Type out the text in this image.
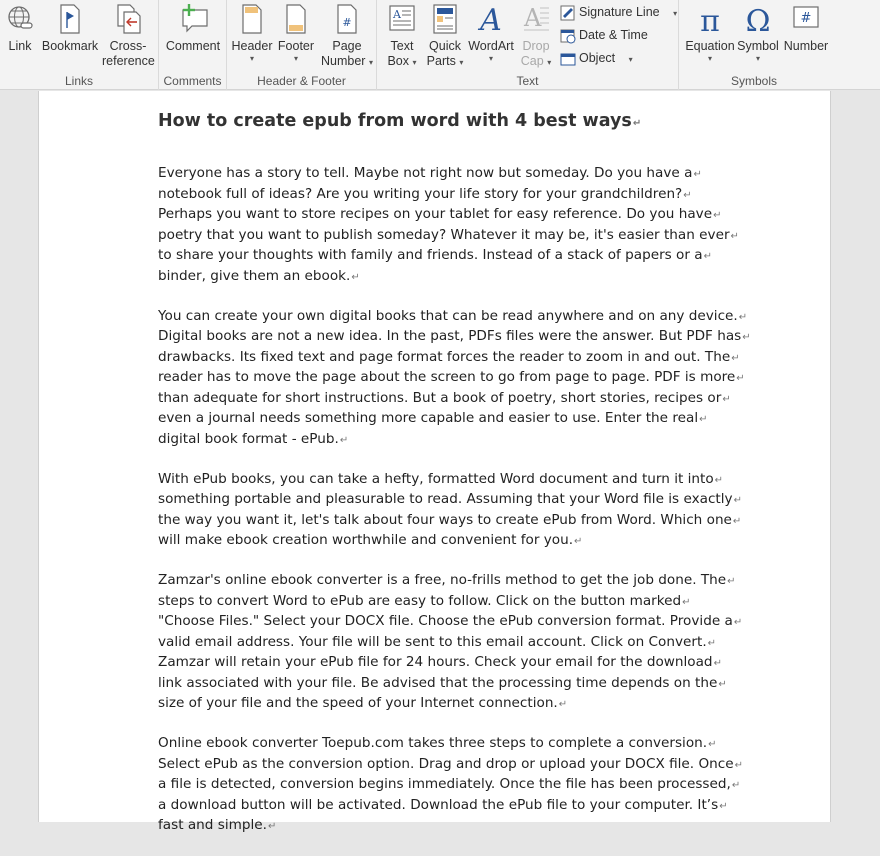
Link Bookmark Cross-
reference
Links
Comment
Comments
Header
▾
Footer
▾
#
Page
Number ▾
Header & Footer
A
Text
Box ▾
Quick
Parts ▾
A
WordArt
▾
A
Drop
Cap ▾
Signature Line ▾
Date & Time
Object ▾
Text
π
Equation
▾
Ω
Symbol
▾
#
Number
Symbols
How to create epub from word with 4 best ways↵
Everyone has a story to tell. Maybe not right now but someday. Do you have a↵
notebook full of ideas? Are you writing your life story for your grandchildren?↵
Perhaps you want to store recipes on your tablet for easy reference. Do you have↵
poetry that you want to publish someday? Whatever it may be, it's easier than ever↵
to share your thoughts with family and friends. Instead of a stack of papers or a↵
binder, give them an ebook.↵
You can create your own digital books that can be read anywhere and on any device.↵
Digital books are not a new idea. In the past, PDFs files were the answer. But PDF has↵
drawbacks. Its fixed text and page format forces the reader to zoom in and out. The↵
reader has to move the page about the screen to go from page to page. PDF is more↵
than adequate for short instructions. But a book of poetry, short stories, recipes or↵
even a journal needs something more capable and easier to use. Enter the real↵
digital book format - ePub.↵
With ePub books, you can take a hefty, formatted Word document and turn it into↵
something portable and pleasurable to read. Assuming that your Word file is exactly↵
the way you want it, let's talk about four ways to create ePub from Word. Which one↵
will make ebook creation worthwhile and convenient for you.↵
Zamzar's online ebook converter is a free, no-frills method to get the job done. The↵
steps to convert Word to ePub are easy to follow. Click on the button marked↵
"Choose Files." Select your DOCX file. Choose the ePub conversion format. Provide a↵
valid email address. Your file will be sent to this email account. Click on Convert.↵
Zamzar will retain your ePub file for 24 hours. Check your email for the download↵
link associated with your file. Be advised that the processing time depends on the↵
size of your file and the speed of your Internet connection.↵
Online ebook converter Toepub.com takes three steps to complete a conversion.↵
Select ePub as the conversion option. Drag and drop or upload your DOCX file. Once↵
a file is detected, conversion begins immediately. Once the file has been processed,↵
a download button will be activated. Download the ePub file to your computer. It’s↵
fast and simple.↵
